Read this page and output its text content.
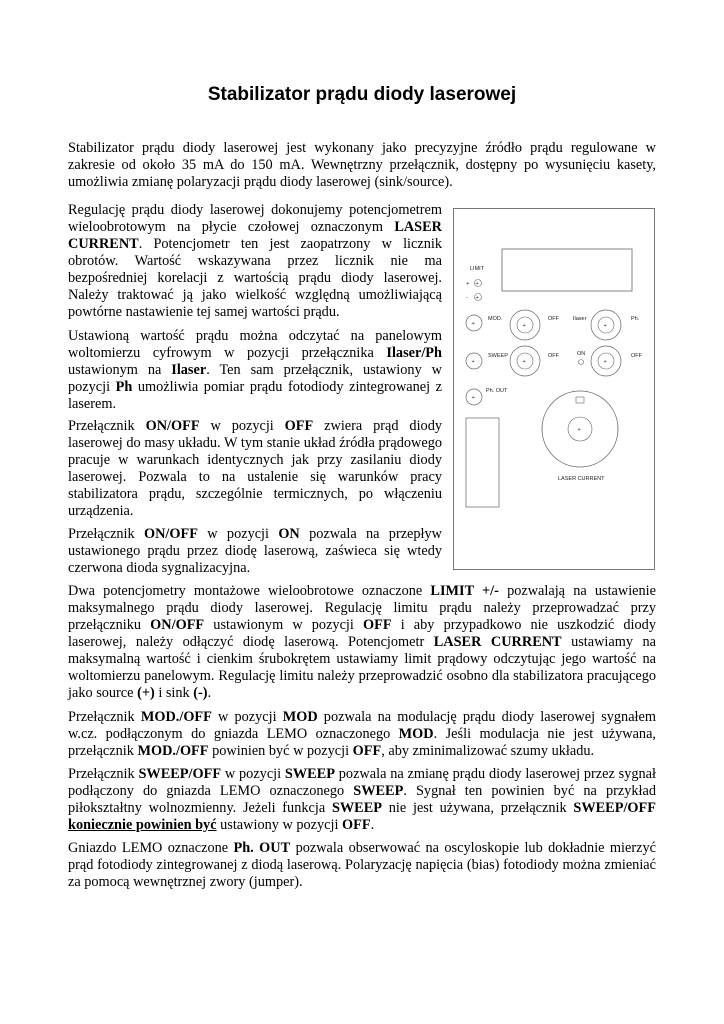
Stabilizator prądu diody laserowej

Stabilizator prądu diody laserowej jest wykonany jako precyzyjne źródło prądu regulowane w zakresie od około 35 mA do 150 mA. Wewnętrzny przełącznik, dostępny po wysunięciu kasety, umożliwia zmianę polaryzacji prądu diody laserowej (sink/source).

Regulację prądu diody laserowej dokonujemy potencjometrem wieloobrotowym na płycie czołowej oznaczonym LASER CURRENT. Potencjometr ten jest zaopatrzony w licznik obrotów. Wartość wskazywana przez licznik nie ma bezpośredniej korelacji z wartością prądu diody laserowej. Należy traktować ją jako wielkość względną umożliwiającą powtórne nastawienie tej samej wartości prądu.

Ustawioną wartość prądu można odczytać na panelowym woltomierzu cyfrowym w pozycji przełącznika Ilaser/Ph ustawionym na Ilaser. Ten sam przełącznik, ustawiony w pozycji Ph umożliwia pomiar prądu fotodiody zintegrowanej z laserem.

Przełącznik ON/OFF w pozycji OFF zwiera prąd diody laserowej do masy układu. W tym stanie układ źródła prądowego pracuje w warunkach identycznych jak przy zasilaniu diody laserowej. Pozwala to na ustalenie się warunków pracy stabilizatora prądu, szczególnie termicznych, po włączeniu urządzenia.

Przełącznik ON/OFF w pozycji ON pozwala na przepływ ustawionego prądu przez diodę laserową, zaświeca się wtedy czerwona dioda sygnalizacyjna.

Dwa potencjometry montażowe wieloobrotowe oznaczone LIMIT +/- pozwalają na ustawienie maksymalnego prądu diody laserowej. Regulację limitu prądu należy przeprowadzać przy przełączniku ON/OFF ustawionym w pozycji OFF i aby przypadkowo nie uszkodzić diody laserowej, należy odłączyć diodę laserową. Potencjometr LASER CURRENT ustawiamy na maksymalną wartość i cienkim śrubokrętem ustawiamy limit prądowy odczytując jego wartość na woltomierzu panelowym. Regulację limitu należy przeprowadzić osobno dla stabilizatora pracującego jako source (+) i sink (-).

Przełącznik MOD./OFF w pozycji MOD pozwala na modulację prądu diody laserowej sygnałem w.cz. podłączonym do gniazda LEMO oznaczonego MOD. Jeśli modulacja nie jest używana, przełącznik MOD./OFF powinien być w pozycji OFF, aby zminimalizować szumy układu.

Przełącznik SWEEP/OFF w pozycji SWEEP pozwala na zmianę prądu diody laserowej przez sygnał podłączony do gniazda LEMO oznaczonego SWEEP. Sygnał ten powinien być na przykład piłokształtny wolnozmienny. Jeżeli funkcja SWEEP nie jest używana, przełącznik SWEEP/OFF koniecznie powinien być ustawiony w pozycji OFF.

Gniazdo LEMO oznaczone Ph. OUT pozwala obserwować na oscyloskopie lub dokładnie mierzyć prąd fotodiody zintegrowanej z diodą laserową. Polaryzację napięcia (bias) fotodiody można zmieniać za pomocą wewnętrznej zwory (jumper).

LIMIT
+ +
- +
+
MOD.
+
OFF	Ilaser
+
Ph.
+
SWEEP
+
OFF	ON
+
OFF
+
Ph. OUT
+
LASER CURRENT
